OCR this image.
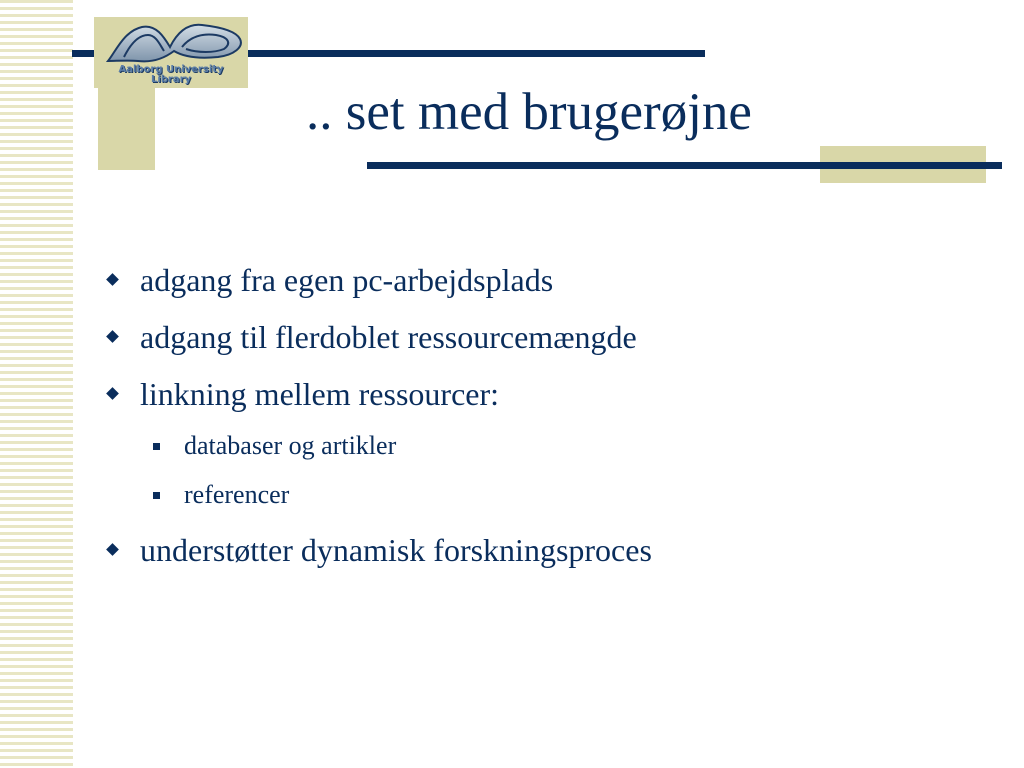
Aalborg University
Library
.. set med brugerøjne
adgang fra egen pc-arbejdsplads
adgang til flerdoblet ressourcemængde
linkning mellem ressourcer:
databaser og artikler
referencer
understøtter dynamisk forskningsproces
